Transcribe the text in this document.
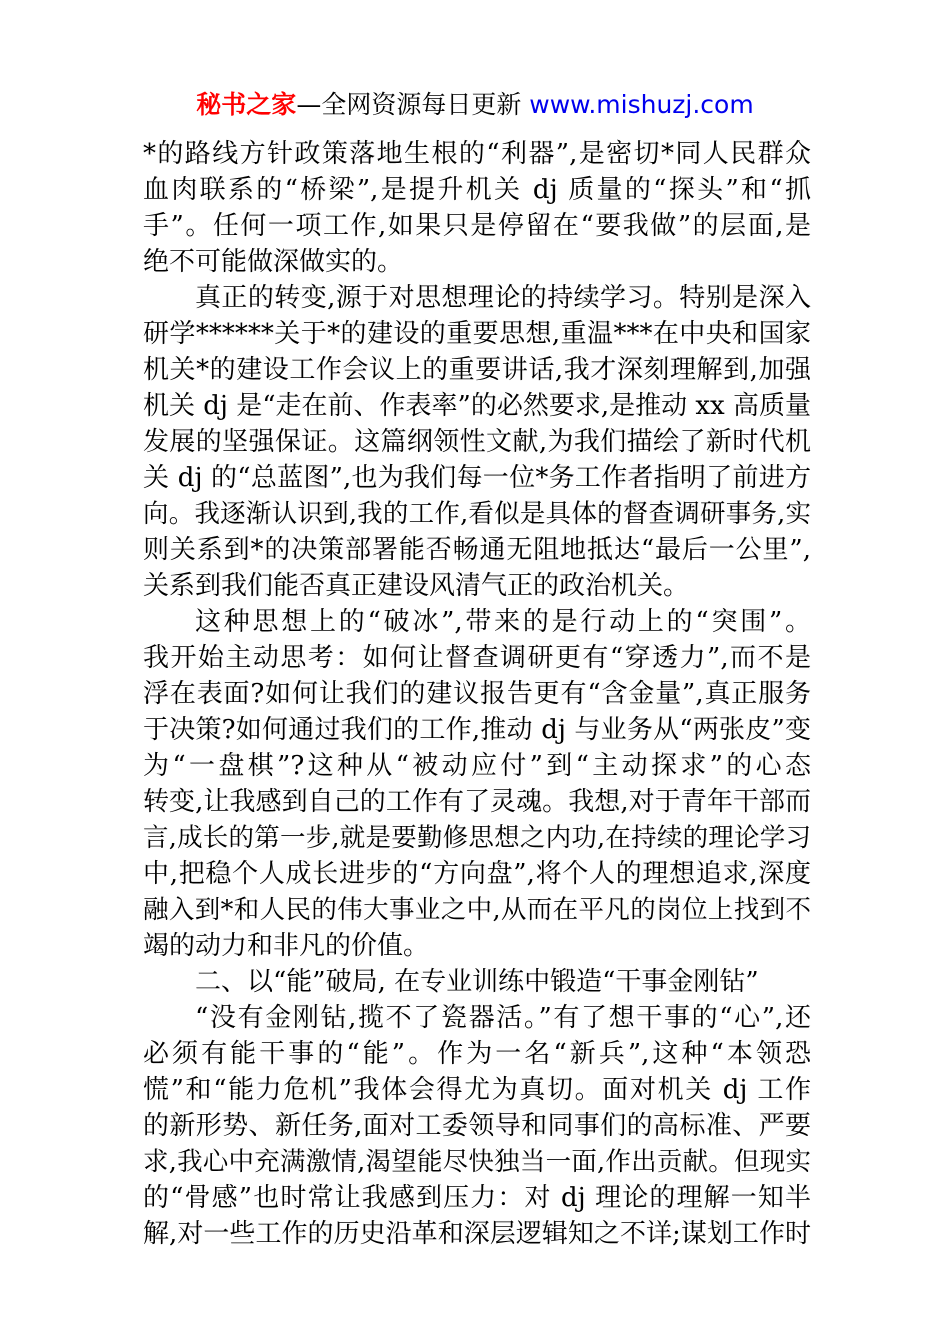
秘书之家—全网资源每日更新 www.mishuzj.com
*的路线方针政策落地生根的“利器”,是密切*同人民群众
血肉联系的“桥梁”,是提升机关 dj 质量的“探头”和“抓
手”。任何一项工作,如果只是停留在“要我做”的层面,是
绝不可能做深做实的。
真正的转变,源于对思想理论的持续学习。特别是深入
研学******关于*的建设的重要思想,重温***在中央和国家
机关*的建设工作会议上的重要讲话,我才深刻理解到,加强
机关 dj 是“走在前、作表率”的必然要求,是推动 xx 高质量
发展的坚强保证。这篇纲领性文献,为我们描绘了新时代机
关 dj 的“总蓝图”,也为我们每一位*务工作者指明了前进方
向。我逐渐认识到,我的工作,看似是具体的督查调研事务,实
则关系到*的决策部署能否畅通无阻地抵达“最后一公里”,
关系到我们能否真正建设风清气正的政治机关。
这种思想上的“破冰”,带来的是行动上的“突围”。
我开始主动思考：如何让督查调研更有“穿透力”,而不是
浮在表面?如何让我们的建议报告更有“含金量”,真正服务
于决策?如何通过我们的工作,推动 dj 与业务从“两张皮”变
为“一盘棋”?这种从“被动应付”到“主动探求”的心态
转变,让我感到自己的工作有了灵魂。我想,对于青年干部而
言,成长的第一步,就是要勤修思想之内功,在持续的理论学习
中,把稳个人成长进步的“方向盘”,将个人的理想追求,深度
融入到*和人民的伟大事业之中,从而在平凡的岗位上找到不
竭的动力和非凡的价值。
二、以“能”破局, 在专业训练中锻造“干事金刚钻”
“没有金刚钻,揽不了瓷器活。”有了想干事的“心”,还
必须有能干事的“能”。作为一名“新兵”,这种“本领恐
慌”和“能力危机”我体会得尤为真切。面对机关 dj 工作
的新形势、新任务,面对工委领导和同事们的高标准、严要
求,我心中充满激情,渴望能尽快独当一面,作出贡献。但现实
的“骨感”也时常让我感到压力：对 dj 理论的理解一知半
解,对一些工作的历史沿革和深层逻辑知之不详;谋划工作时
